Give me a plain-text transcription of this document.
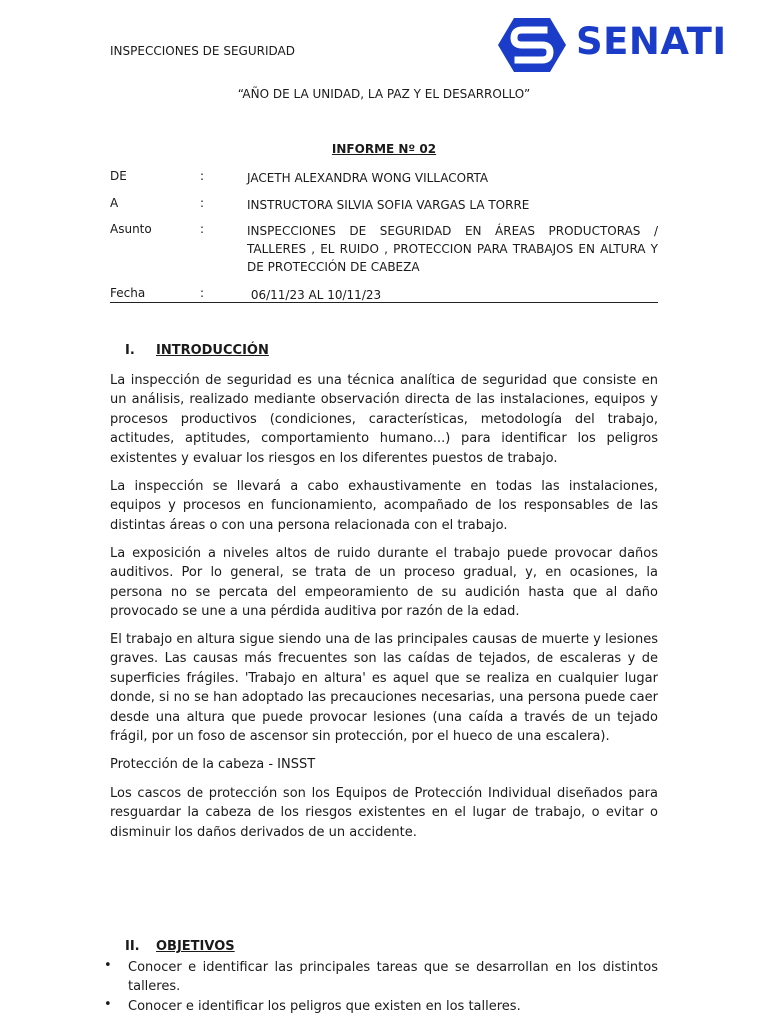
INSPECCIONES DE SEGURIDAD	SENATI
“AÑO DE LA UNIDAD, LA PAZ Y EL DESARROLLO”
INFORME Nº 02
DE	:	JACETH ALEXANDRA WONG VILLACORTA
A	:	INSTRUCTORA SILVIA SOFIA VARGAS LA TORRE
Asunto	:	INSPECCIONES DE SEGURIDAD EN ÁREAS PRODUCTORAS / TALLERES , EL RUIDO , PROTECCION PARA TRABAJOS EN ALTURA Y DE PROTECCIÓN DE CABEZA
Fecha	:	06/11/23 AL 10/11/23
I. INTRODUCCIÓN

La inspección de seguridad es una técnica analítica de seguridad que consiste en un análisis, realizado mediante observación directa de las instalaciones, equipos y procesos productivos (condiciones, características, metodología del trabajo, actitudes, aptitudes, comportamiento humano...) para identificar los peligros existentes y evaluar los riesgos en los diferentes puestos de trabajo.

La inspección se llevará a cabo exhaustivamente en todas las instalaciones, equipos y procesos en funcionamiento, acompañado de los responsables de las distintas áreas o con una persona relacionada con el trabajo.

La exposición a niveles altos de ruido durante el trabajo puede provocar daños auditivos. Por lo general, se trata de un proceso gradual, y, en ocasiones, la persona no se percata del empeoramiento de su audición hasta que al daño provocado se une a una pérdida auditiva por razón de la edad.

El trabajo en altura sigue siendo una de las principales causas de muerte y lesiones graves. Las causas más frecuentes son las caídas de tejados, de escaleras y de superficies frágiles. 'Trabajo en altura' es aquel que se realiza en cualquier lugar donde, si no se han adoptado las precauciones necesarias, una persona puede caer desde una altura que puede provocar lesiones (una caída a través de un tejado frágil, por un foso de ascensor sin protección, por el hueco de una escalera).

Protección de la cabeza - INSST

Los cascos de protección son los Equipos de Protección Individual diseñados para resguardar la cabeza de los riesgos existentes en el lugar de trabajo, o evitar o disminuir los daños derivados de un accidente.

II. OBJETIVOS
• Conocer e identificar las principales tareas que se desarrollan en los distintos talleres.
• Conocer e identificar los peligros que existen en los talleres.
